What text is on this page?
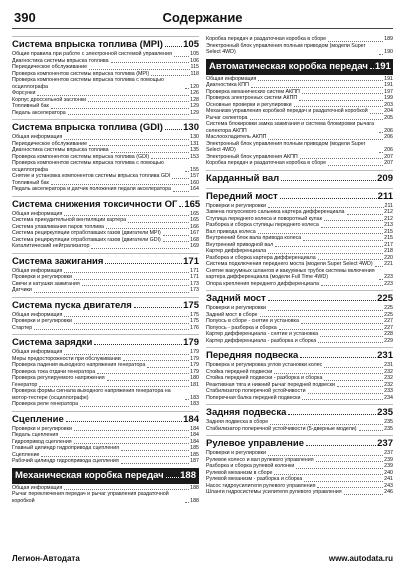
390	Содержание
Система впрыска топлива (MPI) 105
Общие правила при работе с электронной системой управления	105
Диагностика системы впрыска топлива	106
Периодическое обслуживание	115
Проверка компонентов системы впрыска топлива (MPI)	118
Проверка компонентов системы впрыска топлива с помощью осциллографа	120
Форсунки	126
Корпус дроссельной заслонки	128
Топливный бак	129
Педаль акселератора	129
Система впрыска топлива (GDI) 130
Общая информация	130
Периодическое обслуживание	131
Диагностика системы впрыска топлива	135
Проверка компонентов системы впрыска топлива (GDI)	153
Проверка компонентов системы впрыска топлива с помощью осциллографа	155
Снятие и установка компонентов системы впрыска топлива GDI	157
Топливный бак	160
Педаль акселератора и датчик положения педали акселератора	164
Система снижения токсичности ОГ 165
Общая информация	165
Система принудительной вентиляции картера	165
Система улавливания паров топлива	166
Система рециркуляции отработавших газов (двигатели MPI)	167
Система рециркуляции отработавших газов (двигатели GDI)	168
Каталитический нейтрализатор	169
Система зажигания	171
Общая информация	171
Проверки и регулировки	171
Свечи и катушки зажигания	173
Датчики	173
Система пуска двигателя	175
Общая информация	175
Проверки и регулировки	175
Стартер	176
Система зарядки	179
Общая информация	179
Меры предосторожности при обслуживании	179
Проверка падения выходного напряжения генератора	179
Проверка тока отдачи генератора	179
Проверка регулируемого напряжения	180
Генератор	181
Проверка формы сигнала выходного напряжения генератора на мотор-тестере (осциллографе)	183
Проверка реле генератора	183
Сцепление	184
Проверки и регулировки	184
Педаль сцепления	184
Гидропривод сцепления	184
Главный цилиндр гидропривода сцепления	185
Сцепление	185
Рабочий цилиндр гидропривода сцепления	187
Механическая коробка передач 188
Общая информация	188
Рычаг переключения передач и рычаг управления раздаточной коробкой	188
Коробка передач и раздаточная коробка в сборе	189
Электронный блок управления полным приводом (модели Super Select 4WD)	190
Автоматическая коробка передач 191
Общая информация	191
Диагностика КПП	191
Проверка механических систем АКПП	197
Проверка электронных систем АКПП	199
Основные проверки и регулировки	203
Механизм управления коробкой передач и раздаточной коробкой	204
Рычаг селектора	205
Система блокировки замка зажигания и система блокировки рычага селектора АКПП	206
Маслоохладитель АКПП	206
Электронный блок управления полным приводом (модели Super Select 4WD)	206
Электронный блок управления АКПП	207
Коробка передач и раздаточная коробка в сборе	207
Карданный вал	209
Передний мост	211
Проверки и регулировки	211
Замена полуосевого сальника картера дифференциала	212
Ступица переднего колеса и поворотный кулак	212
Разборка и сборка ступицы переднего колеса	213
Вал привода колеса	215
Внутренний блок вала привода колеса	215
Внутренний приводной вал	217
Картер дифференциала	218
Разборка и сборка картера дифференциала	220
Система подключения переднего моста (модели Super Select 4WD) 221
Снятие вакуумных шлангов и вакуумных трубок системы включения картера дифференциала (модели Full Time 4WD)	223
Опора крепления переднего дифференциала	223
Задний мост	225
Проверки и регулировки	225
Задний мост в сборе	225
Полуось в сборе - снятие и установка	227
Полуось - разборка и сборка	227
Картер дифференциала - снятие и установка	228
Картер дифференциала - разборка и сборка	229
Передняя подвеска	231
Проверка и регулировка углов установки колес	231
Стойка передней подвески	232
Стойка передней подвески - разборка и сборка	232
Реактивная тяга и нижний рычаг передней подвески	232
Стабилизатор поперечной устойчивости	233
Поперечная балка передней подвески	234
Задняя подвеска	235
Задняя подвеска в сборе	235
Стабилизатор поперечной устойчивости (5-дверные модели)	235
Рулевое управление	237
Проверки и регулировки	237
Рулевое колесо и вал рулевого управления	239
Разборка и сборка рулевой колонки	239
Рулевой механизм в сборе	240
Рулевой механизм - разборка и сборка	241
Насос гидроусилителя рулевого управления	243
Шланги гидросистемы усилителя рулевого управления	246
Легион-Автодата	www.autodata.ru
